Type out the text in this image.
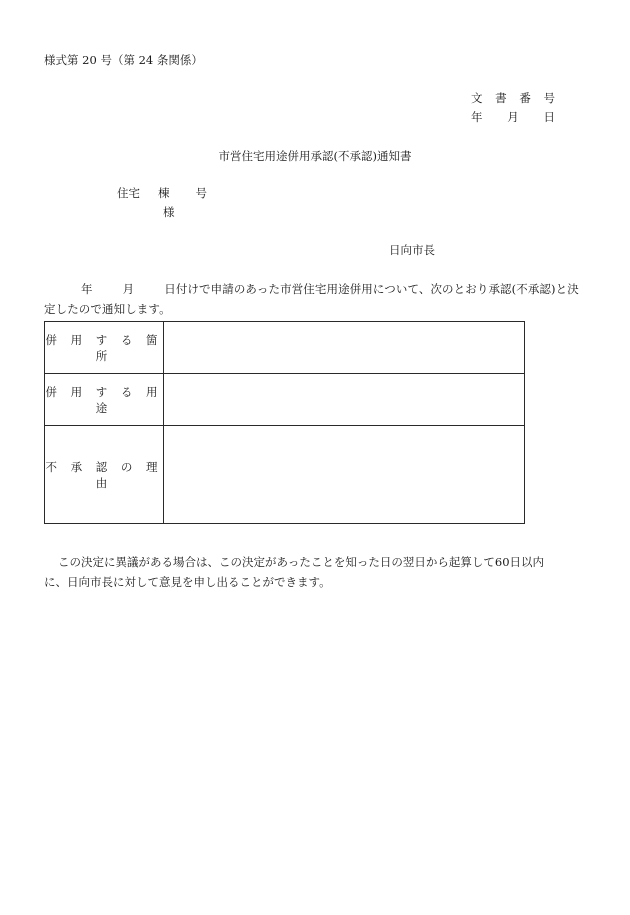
様式第 20 号（第 24 条関係）
文 書 番 号
年 月 日
市営住宅用途併用承認(不承認)通知書
住宅 棟 号
様
日向市長
年	月	日付けで申請のあった市営住宅用途併用について、次のとおり承認(不承認)と決定したので通知します。
併 用 す る 箇 所	
併 用 す る 用 途	
不 承 認 の 理 由	
この決定に異議がある場合は、この決定があったことを知った日の翌日から起算して60日以内に、日向市長に対して意見を申し出ることができます。
